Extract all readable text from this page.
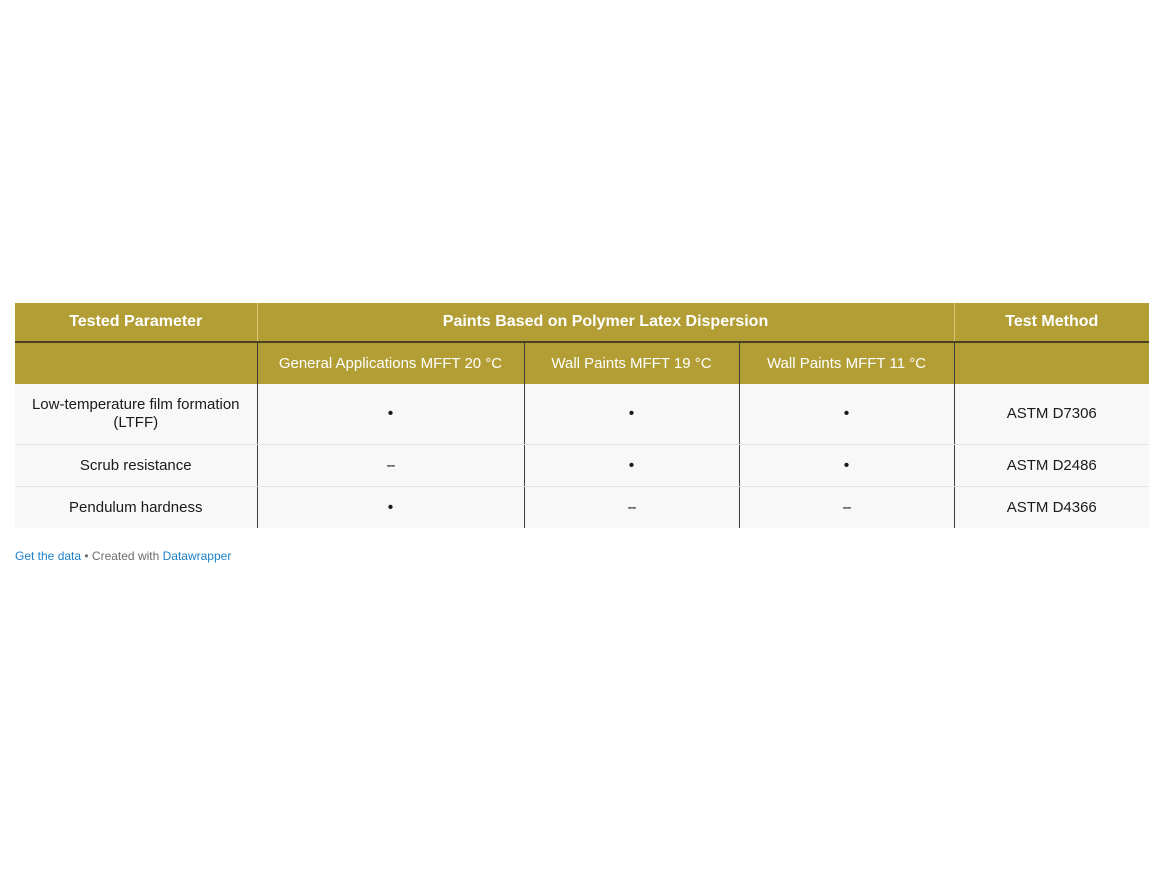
Tested Parameter	Paints Based on Polymer Latex Dispersion			Test Method
	General Applications MFFT 20 °C	Wall Paints MFFT 19 °C	Wall Paints MFFT 11 °C	
Low-temperature film formation (LTFF)	•	•	•	ASTM D7306
Scrub resistance	--	•	•	ASTM D2486
Pendulum hardness	•	--	--	ASTM D4366
Get the data • Created with Datawrapper
